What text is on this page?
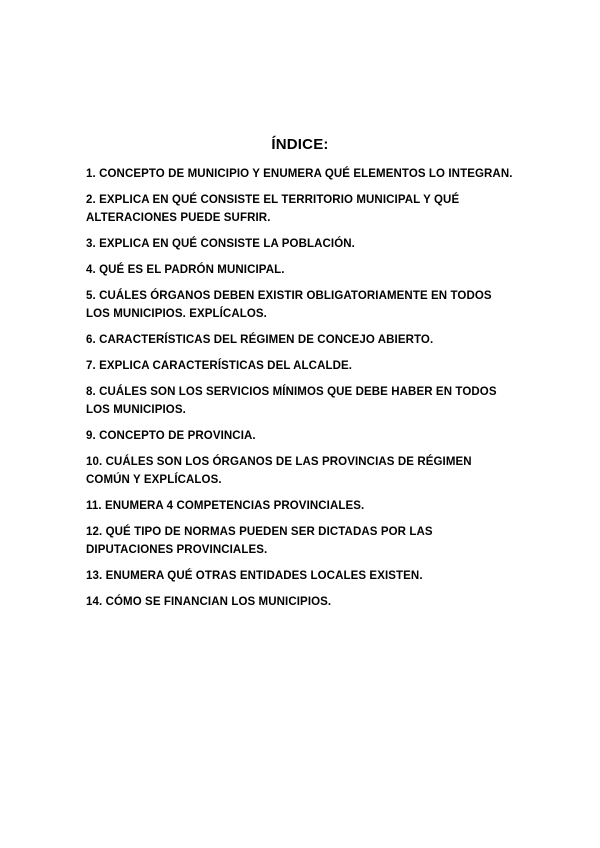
ÍNDICE:
1. CONCEPTO DE MUNICIPIO Y ENUMERA QUÉ ELEMENTOS LO INTEGRAN.
2. EXPLICA EN QUÉ CONSISTE EL TERRITORIO MUNICIPAL Y QUÉ ALTERACIONES PUEDE SUFRIR.
3. EXPLICA EN QUÉ CONSISTE LA POBLACIÓN.
4. QUÉ ES EL PADRÓN MUNICIPAL.
5. CUÁLES ÓRGANOS DEBEN EXISTIR OBLIGATORIAMENTE EN TODOS LOS MUNICIPIOS. EXPLÍCALOS.
6. CARACTERÍSTICAS DEL RÉGIMEN DE CONCEJO ABIERTO.
7. EXPLICA CARACTERÍSTICAS DEL ALCALDE.
8. CUÁLES SON LOS SERVICIOS MÍNIMOS QUE DEBE HABER EN TODOS LOS MUNICIPIOS.
9. CONCEPTO DE PROVINCIA.
10. CUÁLES SON LOS ÓRGANOS DE LAS PROVINCIAS DE RÉGIMEN COMÚN Y EXPLÍCALOS.
11. ENUMERA 4 COMPETENCIAS PROVINCIALES.
12. QUÉ TIPO DE NORMAS PUEDEN SER DICTADAS POR LAS DIPUTACIONES PROVINCIALES.
13. ENUMERA QUÉ OTRAS ENTIDADES LOCALES EXISTEN.
14. CÓMO SE FINANCIAN LOS MUNICIPIOS.
